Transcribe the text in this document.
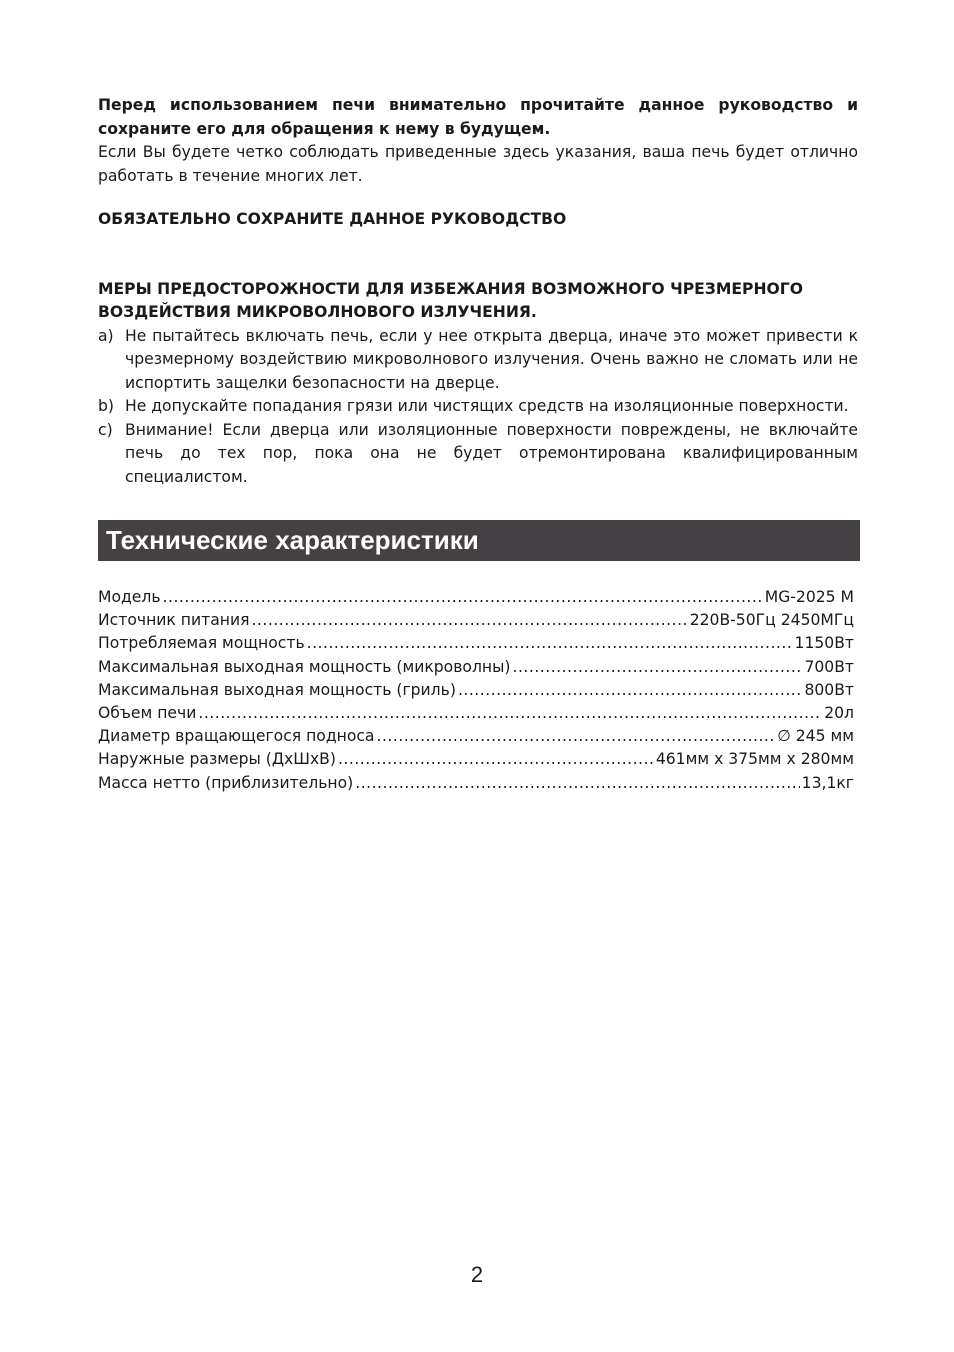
Перед использованием печи внимательно прочитайте данное руководство и сохраните его для обращения к нему в будущем.

Если Вы будете четко соблюдать приведенные здесь указания, ваша печь будет отлично работать в течение многих лет.

ОБЯЗАТЕЛЬНО СОХРАНИТЕ ДАННОЕ РУКОВОДСТВО

МЕРЫ ПРЕДОСТОРОЖНОСТИ ДЛЯ ИЗБЕЖАНИЯ ВОЗМОЖНОГО ЧРЕЗМЕРНОГО ВОЗДЕЙСТВИЯ МИКРОВОЛНОВОГО ИЗЛУЧЕНИЯ.

a) Не пытайтесь включать печь, если у нее открыта дверца, иначе это может привести к чрезмерному воздействию микроволнового излучения. Очень важно не сломать или не испортить защелки безопасности на дверце.
b) Не допускайте попадания грязи или чистящих средств на изоляционные поверхности.
c) Внимание! Если дверца или изоляционные поверхности повреждены, не включайте печь до тех пор, пока она не будет отремонтирована квалифицированным специалистом.
Технические характеристики
Модель .....	MG-2025 M
Источник питания .....	220В-50Гц 2450МГц
Потребляемая мощность .....	1150Вт
Максимальная выходная мощность (микроволны) .....	700Вт
Максимальная выходная мощность (гриль) .....	800Вт
Объем печи .....	20л
Диаметр вращающегося подноса .....	∅ 245 мм
Наружные размеры (ДхШхВ) .....	461мм х 375мм х 280мм
Масса нетто (приблизительно) .....	13,1кг
2
